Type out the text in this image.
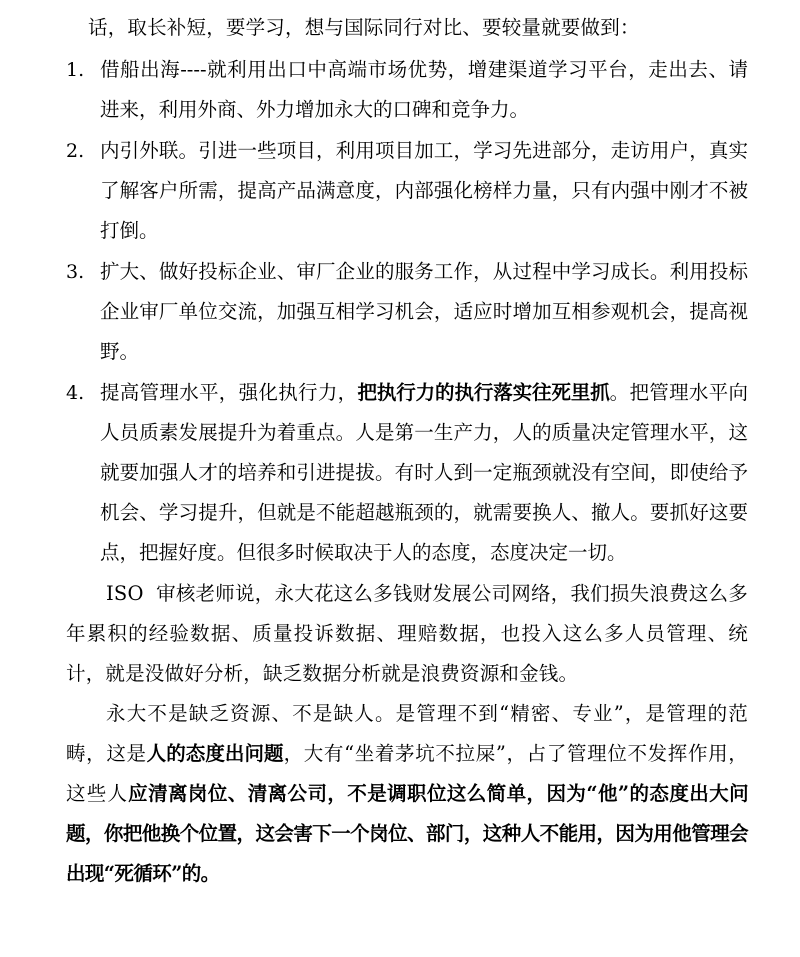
话，取长补短，要学习，想与国际同行对比、要较量就要做到：

1. 借船出海----就利用出口中高端市场优势，增建渠道学习平台，走出去、请进来，利用外商、外力增加永大的口碑和竞争力。
2. 内引外联。引进一些项目，利用项目加工，学习先进部分，走访用户，真实了解客户所需，提高产品满意度，内部强化榜样力量，只有内强中刚才不被打倒。
3. 扩大、做好投标企业、审厂企业的服务工作，从过程中学习成长。利用投标企业审厂单位交流，加强互相学习机会，适应时增加互相参观机会，提高视野。
4. 提高管理水平，强化执行力，把执行力的执行落实往死里抓。把管理水平向人员质素发展提升为着重点。人是第一生产力，人的质量决定管理水平，这就要加强人才的培养和引进提拔。有时人到一定瓶颈就没有空间，即使给予机会、学习提升，但就是不能超越瓶颈的，就需要换人、撤人。要抓好这要点，把握好度。但很多时候取决于人的态度，态度决定一切。

ISO 审核老师说，永大花这么多钱财发展公司网络，我们损失浪费这么多年累积的经验数据、质量投诉数据、理赔数据，也投入这么多人员管理、统计，就是没做好分析，缺乏数据分析就是浪费资源和金钱。

永大不是缺乏资源、不是缺人。是管理不到“精密、专业”，是管理的范畴，这是人的态度出问题，大有“坐着茅坑不拉屎”，占了管理位不发挥作用，这些人应清离岗位、清离公司，不是调职位这么简单，因为“他”的态度出大问题，你把他换个位置，这会害下一个岗位、部门，这种人不能用，因为用他管理会出现“死循环”的。
